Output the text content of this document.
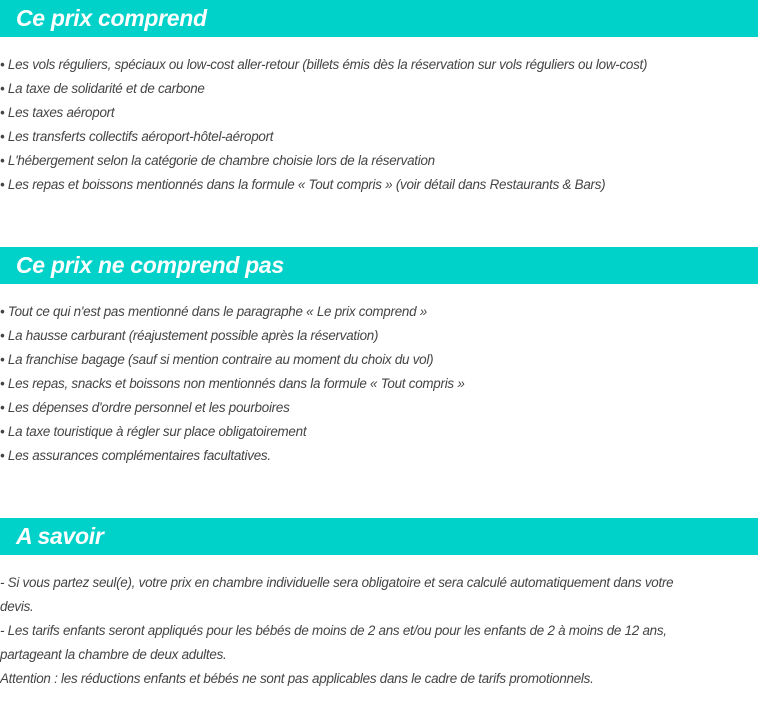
Ce prix comprend
• Les vols réguliers, spéciaux ou low-cost aller-retour (billets émis dès la réservation sur vols réguliers ou low-cost)
• La taxe de solidarité et de carbone
• Les taxes aéroport
• Les transferts collectifs aéroport-hôtel-aéroport
• L'hébergement selon la catégorie de chambre choisie lors de la réservation
• Les repas et boissons mentionnés dans la formule « Tout compris » (voir détail dans Restaurants & Bars)
Ce prix ne comprend pas
• Tout ce qui n'est pas mentionné dans le paragraphe « Le prix comprend »
• La hausse carburant (réajustement possible après la réservation)
• La franchise bagage (sauf si mention contraire au moment du choix du vol)
• Les repas, snacks et boissons non mentionnés dans la formule « Tout compris »
• Les dépenses d'ordre personnel et les pourboires
• La taxe touristique à régler sur place obligatoirement
• Les assurances complémentaires facultatives.
A savoir
- Si vous partez seul(e), votre prix en chambre individuelle sera obligatoire et sera calculé automatiquement dans votre
devis.
- Les tarifs enfants seront appliqués pour les bébés de moins de 2 ans et/ou pour les enfants de 2 à moins de 12 ans,
partageant la chambre de deux adultes.
Attention : les réductions enfants et bébés ne sont pas applicables dans le cadre de tarifs promotionnels.
